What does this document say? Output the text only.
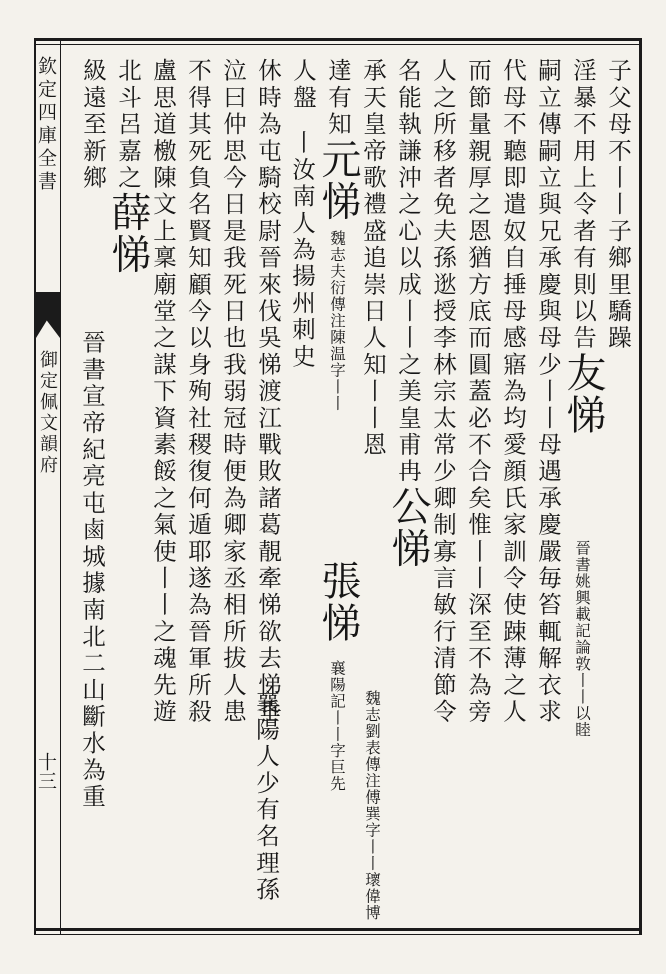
欽定四庫全書
御定佩文韻府
十三
子父母不丨丨子鄉里驕躁
淫暴不用上令者有則以告友悌
嗣立傳嗣立與兄承慶與母少丨丨母遇承慶嚴毎笞輒解衣求
代母不聽即遣奴自捶母感寤為均愛顔氏家訓令使踈薄之人
而節量親厚之恩猶方底而圓蓋必不合矣惟丨丨深至不為旁
人之所移者免夫孫逖授李林宗太常少卿制寡言敏行清節令
名能執謙沖之心以成丨丨之美皇甫冉公悌
承天皇帝歌禮盛追崇日人知丨丨恩
達有知元悌
人盤
休時為屯騎校尉晉來伐吳悌渡江戰敗諸葛靚牽悌欲去悌垂
泣曰仲思今日是我死日也我弱冠時便為卿家丞相所拔人患
不得其死負名賢知顧今以身殉社稷復何遁耶遂為晉軍所殺
盧思道檄陳文上稟廟堂之謀下資素餒之氣使丨丨之魂先遊
北斗呂嘉之薛悌
級遠至新鄉
晉書姚興載記論敦丨丨以睦
魏志劉表傳注傅巽字丨丨瓌偉博
魏志夫衍傳注陳温字丨丨
丨汝南人為揚州刺史
張悌
襄陽記丨丨字巨先
襄陽人少有名理孫
晉書宣帝紀亮屯鹵城據南北二山斷水為重
